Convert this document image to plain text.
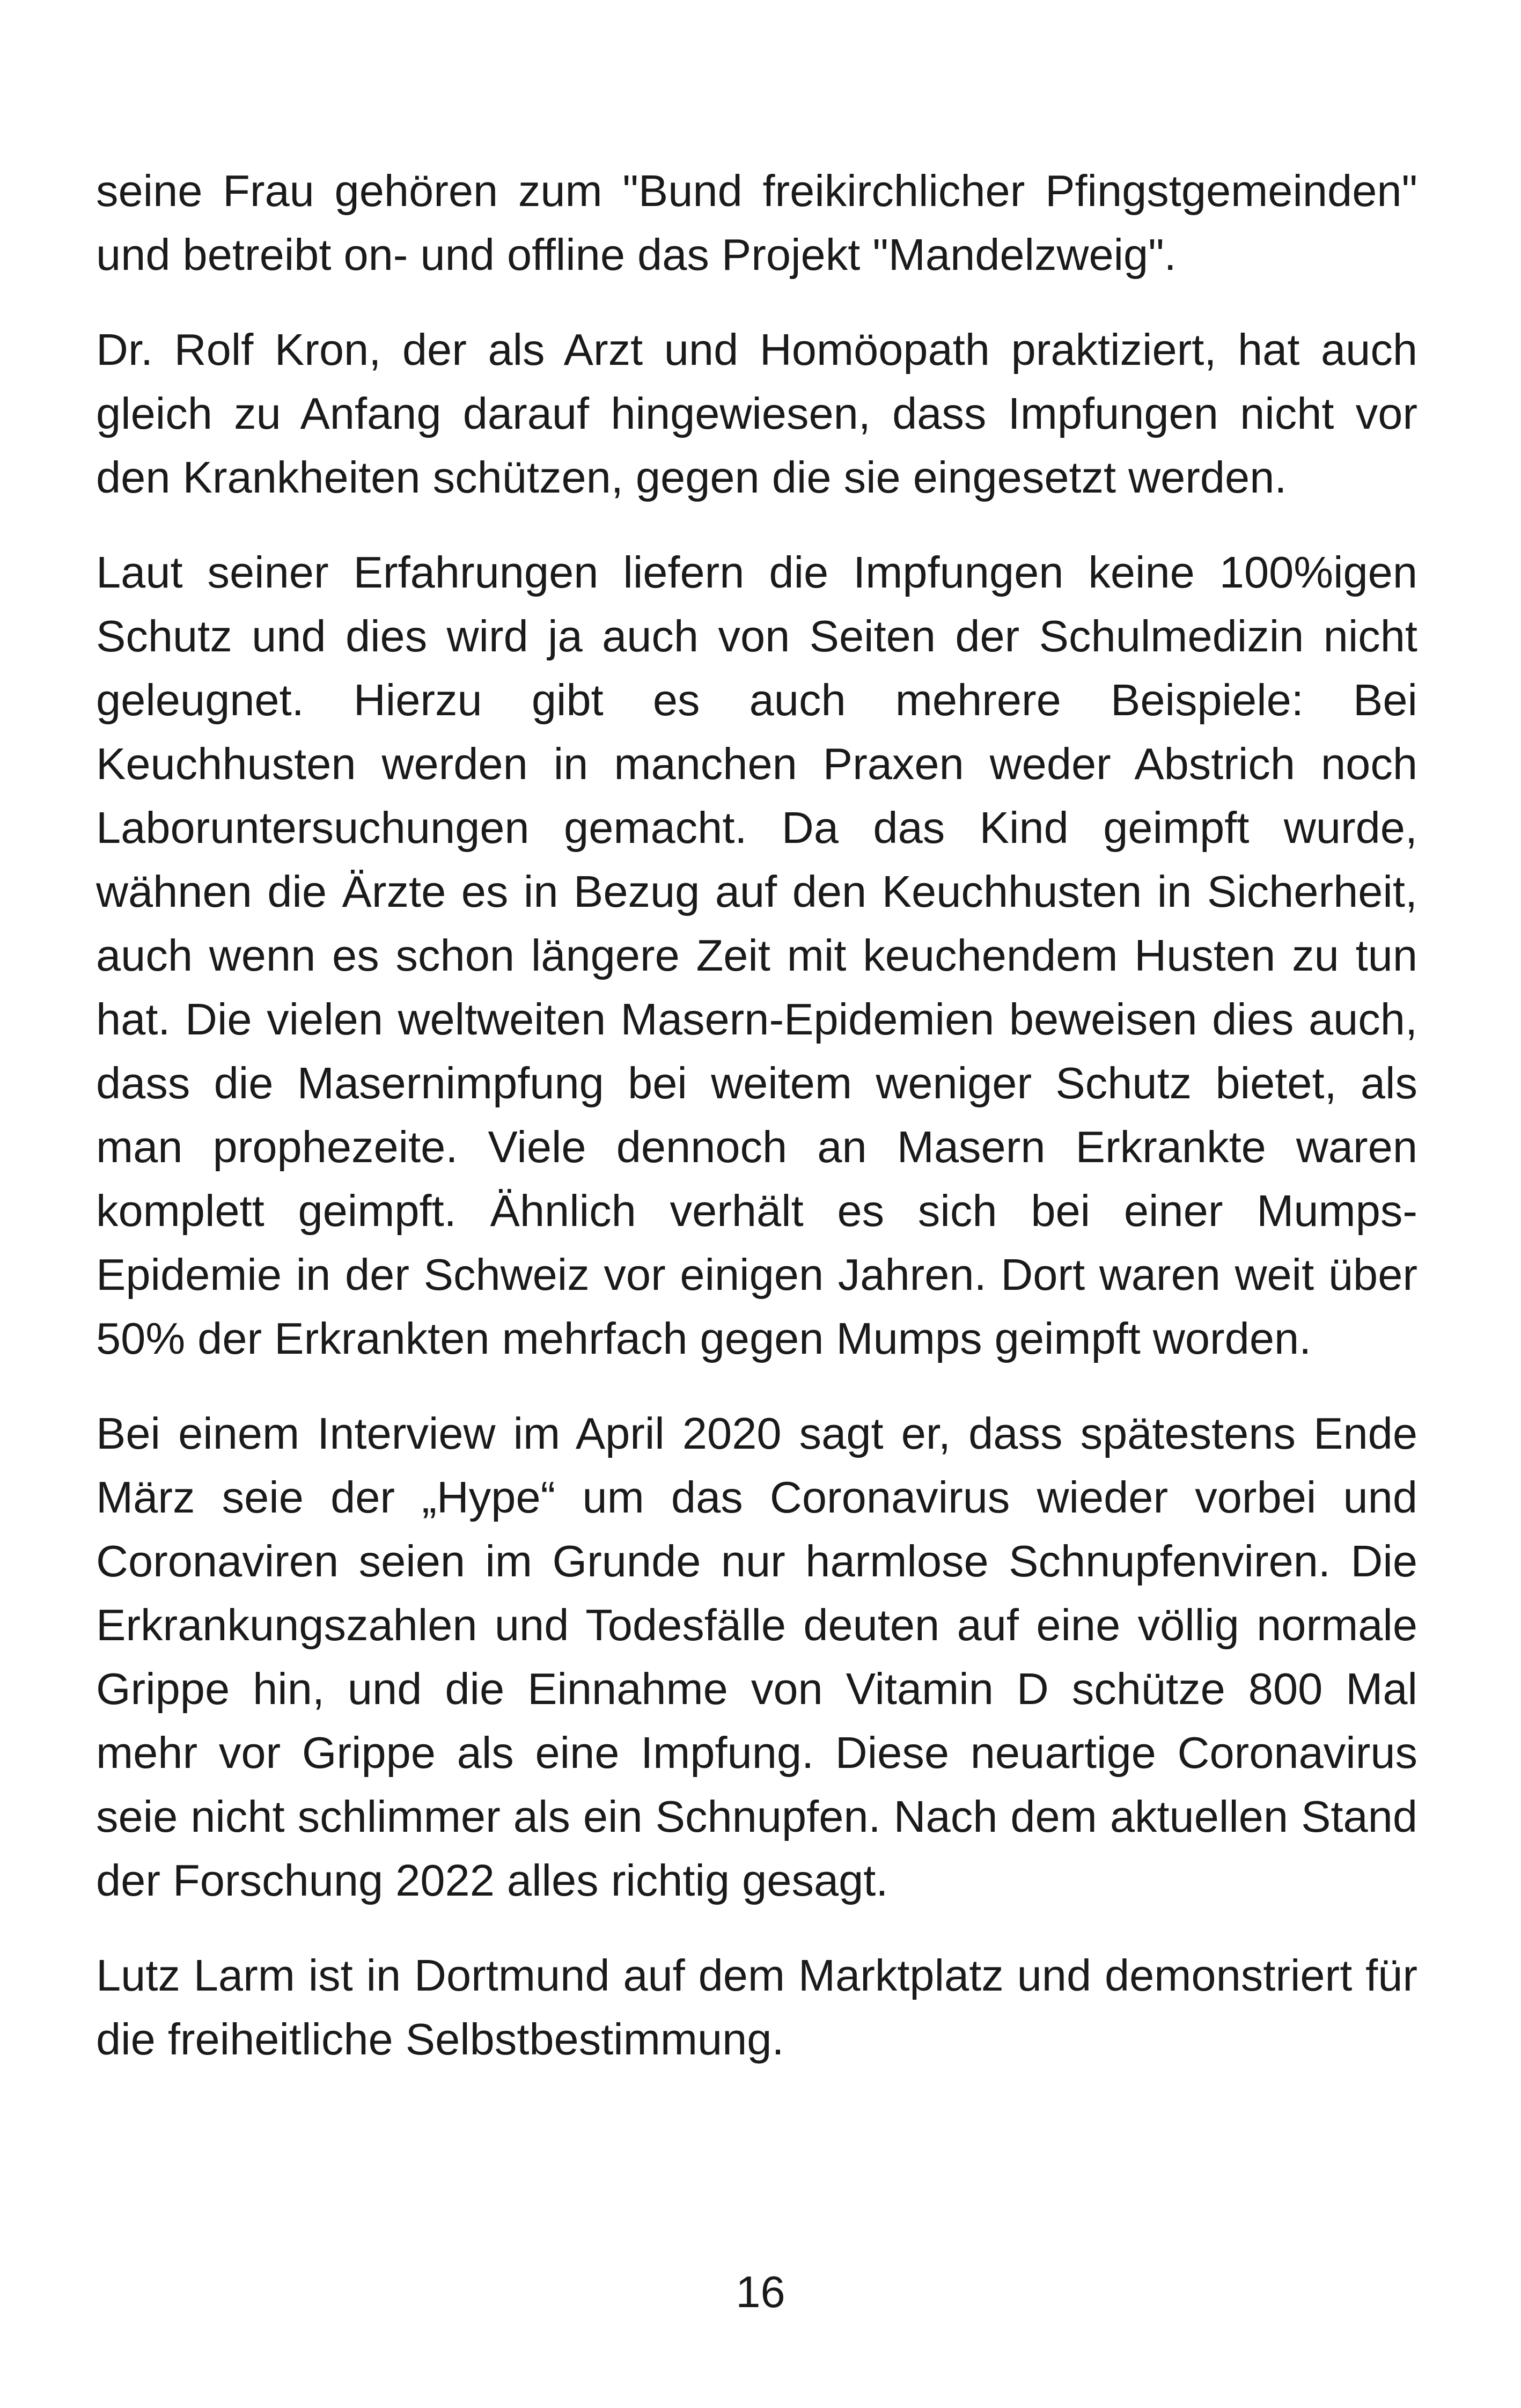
seine Frau gehören zum "Bund freikirchlicher Pfingstgemeinden" und betreibt on- und offline das Projekt "Mandelzweig".

Dr. Rolf Kron, der als Arzt und Homöopath praktiziert, hat auch gleich zu Anfang darauf hingewiesen, dass Impfungen nicht vor den Krankheiten schützen, gegen die sie eingesetzt werden.

Laut seiner Erfahrungen liefern die Impfungen keine 100%igen Schutz und dies wird ja auch von Seiten der Schulmedizin nicht geleugnet. Hierzu gibt es auch mehrere Beispiele: Bei Keuchhusten werden in manchen Praxen weder Abstrich noch Laboruntersuchungen gemacht. Da das Kind geimpft wurde, wähnen die Ärzte es in Bezug auf den Keuchhusten in Sicherheit, auch wenn es schon längere Zeit mit keuchendem Husten zu tun hat. Die vielen weltweiten Masern-Epidemien beweisen dies auch, dass die Masernimpfung bei weitem weniger Schutz bietet, als man prophezeite. Viele dennoch an Masern Erkrankte waren komplett geimpft. Ähnlich verhält es sich bei einer Mumps-Epidemie in der Schweiz vor einigen Jahren. Dort waren weit über 50% der Erkrankten mehrfach gegen Mumps geimpft worden.

Bei einem Interview im April 2020 sagt er, dass spätestens Ende März seie der „Hype“ um das Coronavirus wieder vorbei und Coronaviren seien im Grunde nur harmlose Schnupfenviren. Die Erkrankungszahlen und Todesfälle deuten auf eine völlig normale Grippe hin, und die Einnahme von Vitamin D schütze 800 Mal mehr vor Grippe als eine Impfung. Diese neuartige Coronavirus seie nicht schlimmer als ein Schnupfen. Nach dem aktuellen Stand der Forschung 2022 alles richtig gesagt.

Lutz Larm ist in Dortmund auf dem Marktplatz und demonstriert für die freiheitliche Selbstbestimmung.

16
